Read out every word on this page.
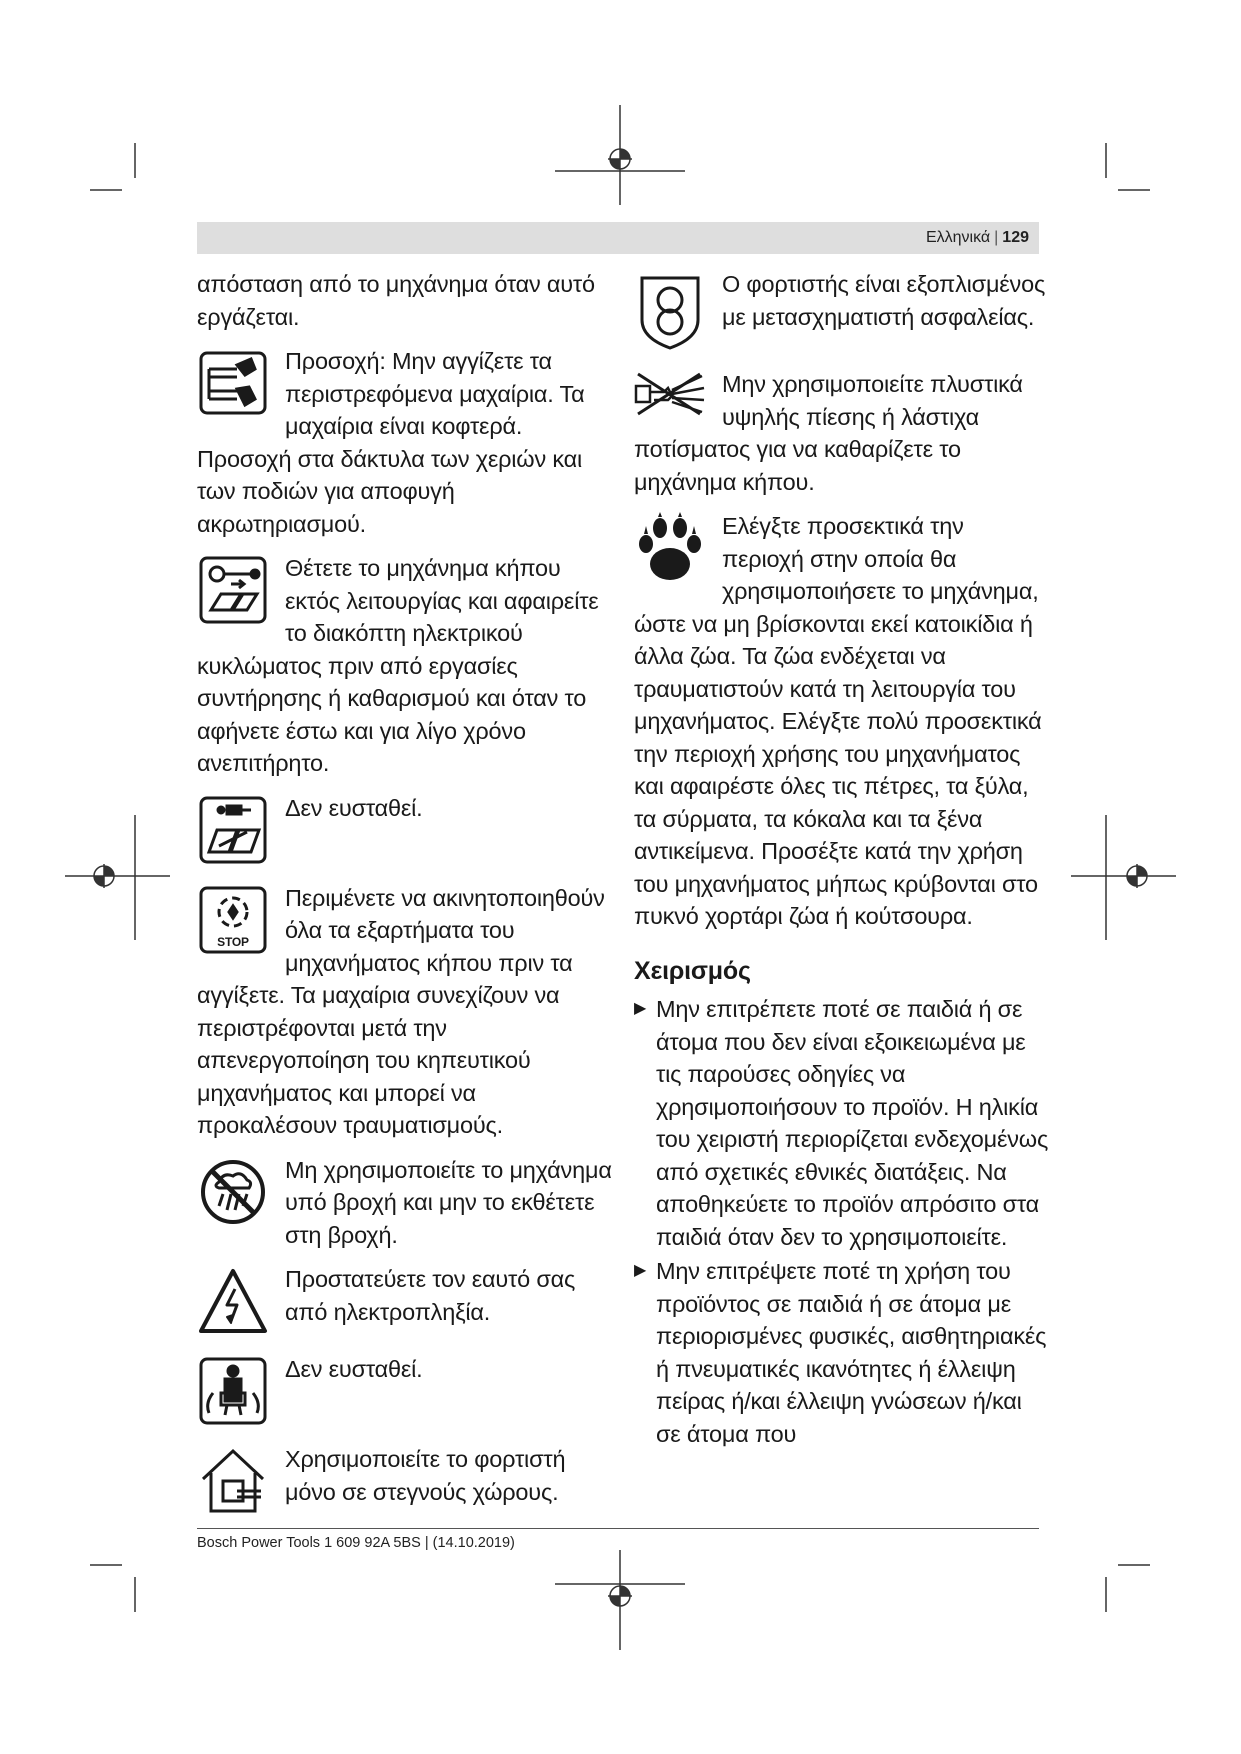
Ελληνικά | 129

απόσταση από το μηχάνημα όταν αυτό εργάζεται.

Προσοχή: Μην αγγίζετε τα περιστρεφόμενα μαχαίρια. Τα μαχαίρια είναι κοφτερά. Προσοχή στα δάκτυλα των χεριών και των ποδιών για αποφυγή ακρωτηριασμού.

Θέτετε το μηχάνημα κήπου εκτός λειτουργίας και αφαιρείτε το διακόπτη ηλεκτρικού κυκλώματος πριν από εργασίες συντήρησης ή καθαρισμού και όταν το αφήνετε έστω και για λίγο χρόνο ανεπιτήρητο.

Δεν ευσταθεί.

STOP

Περιμένετε να ακινητοποιηθούν όλα τα εξαρτήματα του μηχανήματος κήπου πριν τα αγγίξετε. Τα μαχαίρια συνεχίζουν να περιστρέφονται μετά την απενεργοποίηση του κηπευτικού μηχανήματος και μπορεί να προκαλέσουν τραυματισμούς.

Μη χρησιμοποιείτε το μηχάνημα υπό βροχή και μην το εκθέτετε στη βροχή.

Προστατεύετε τον εαυτό σας από ηλεκτροπληξία.

Δεν ευσταθεί.

Χρησιμοποιείτε το φορτιστή μόνο σε στεγνούς χώρους.

Ο φορτιστής είναι εξοπλισμένος με μετασχηματιστή ασφαλείας.

Μην χρησιμοποιείτε πλυστικά υψηλής πίεσης ή λάστιχα ποτίσματος για να καθαρίζετε το μηχάνημα κήπου.

Ελέγξτε προσεκτικά την περιοχή στην οποία θα χρησιμοποιήσετε το μηχάνημα, ώστε να μη βρίσκονται εκεί κατοικίδια ή άλλα ζώα. Τα ζώα ενδέχεται να τραυματιστούν κατά τη λειτουργία του μηχανήματος. Ελέγξτε πολύ προσεκτικά την περιοχή χρήσης του μηχανήματος και αφαιρέστε όλες τις πέτρες, τα ξύλα, τα σύρματα, τα κόκαλα και τα ξένα αντικείμενα. Προσέξτε κατά την χρήση του μηχανήματος μήπως κρύβονται στο πυκνό χορτάρι ζώα ή κούτσουρα.

Χειρισμός
▶ Μην επιτρέπετε ποτέ σε παιδιά ή σε άτομα που δεν είναι εξοικειωμένα με τις παρούσες οδηγίες να χρησιμοποιήσουν το προϊόν. Η ηλικία του χειριστή περιορίζεται ενδεχομένως από σχετικές εθνικές διατάξεις. Να αποθηκεύετε το προϊόν απρόσιτο στα παιδιά όταν δεν το χρησιμοποιείτε.

▶ Μην επιτρέψετε ποτέ τη χρήση του προϊόντος σε παιδιά ή σε άτομα με περιορισμένες φυσικές, αισθητηριακές ή πνευματικές ικανότητες ή έλλειψη πείρας ή/και έλλειψη γνώσεων ή/και σε άτομα που

Bosch Power Tools 1 609 92A 5BS | (14.10.2019)
